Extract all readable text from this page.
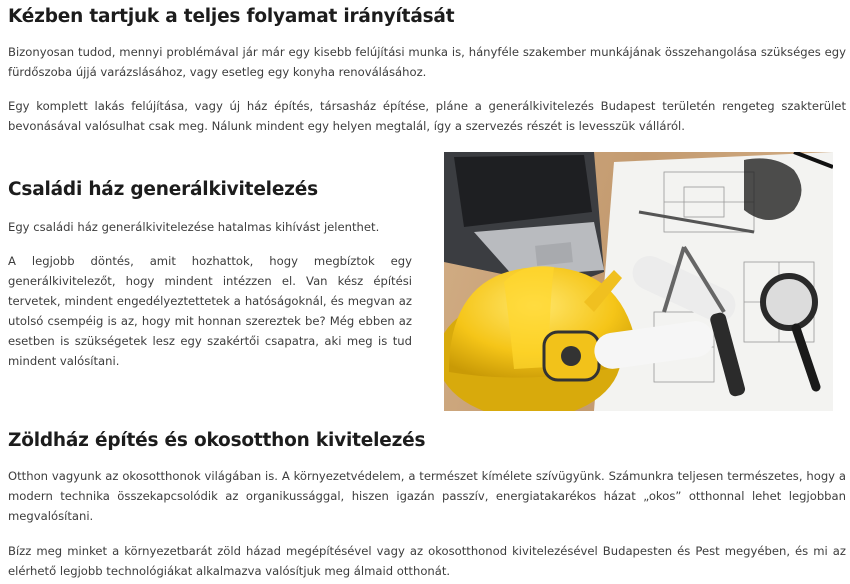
Kézben tartjuk a teljes folyamat irányítását

Bizonyosan tudod, mennyi problémával jár már egy kisebb felújítási munka is, hányféle szakember munkájának összehangolása szükséges egy fürdőszoba újjá varázslásához, vagy esetleg egy konyha renoválásához.

Egy komplett lakás felújítása, vagy új ház építés, társasház építése, pláne a generálkivitelezés Budapest területén rengeteg szakterület bevonásával valósulhat csak meg. Nálunk mindent egy helyen megtalál, így a szervezés részét is levesszük válláról.

Családi ház generálkivitelezés

Egy családi ház generálkivitelezése hatalmas kihívást jelenthet.

A legjobb döntés, amit hozhattok, hogy megbíztok egy generálkivitelezőt, hogy mindent intézzen el. Van kész építési tervetek, mindent engedélyeztettetek a hatóságoknál, és megvan az utolsó csempéig is az, hogy mit honnan szereztek be? Még ebben az esetben is szükségetek lesz egy szakértői csapatra, aki meg is tud mindent valósítani.

Zöldház építés és okosotthon kivitelezés

Otthon vagyunk az okosotthonok világában is. A környezetvédelem, a természet kímélete szívügyünk. Számunkra teljesen természetes, hogy a modern technika összekapcsolódik az organikussággal, hiszen igazán passzív, energiatakarékos házat „okos” otthonnal lehet legjobban megvalósítani.

Bízz meg minket a környezetbarát zöld házad megépítésével vagy az okosotthonod kivitelezésével Budapesten és Pest megyében, és mi az elérhető legjobb technológiákat alkalmazva valósítjuk meg álmaid otthonát.
